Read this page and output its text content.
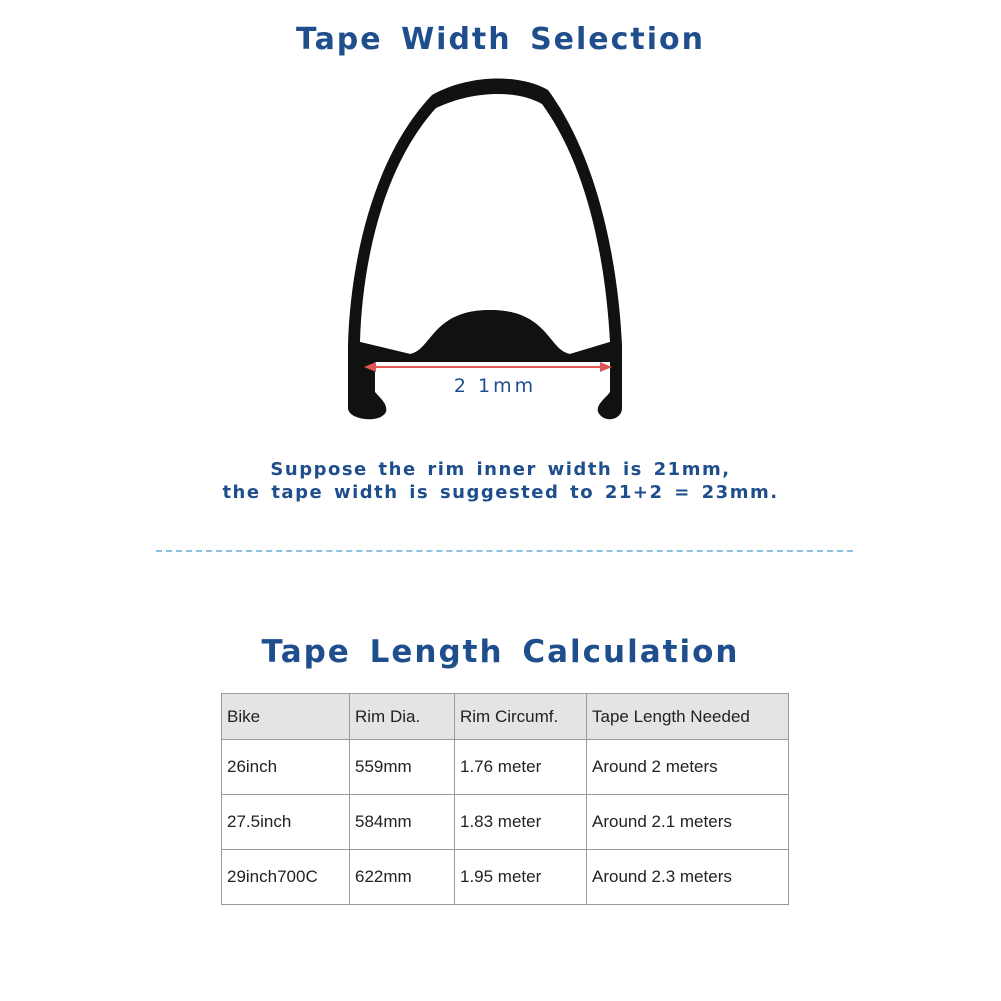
Tape Width Selection
2 1mm
Suppose the rim inner width is 21mm,
the tape width is suggested to 21+2 = 23mm.
Tape Length Calculation
Bike	Rim Dia.	Rim Circumf.	Tape Length Needed
26inch	559mm	1.76 meter	Around 2 meters
27.5inch	584mm	1.83 meter	Around 2.1 meters
29inch700C	622mm	1.95 meter	Around 2.3 meters
